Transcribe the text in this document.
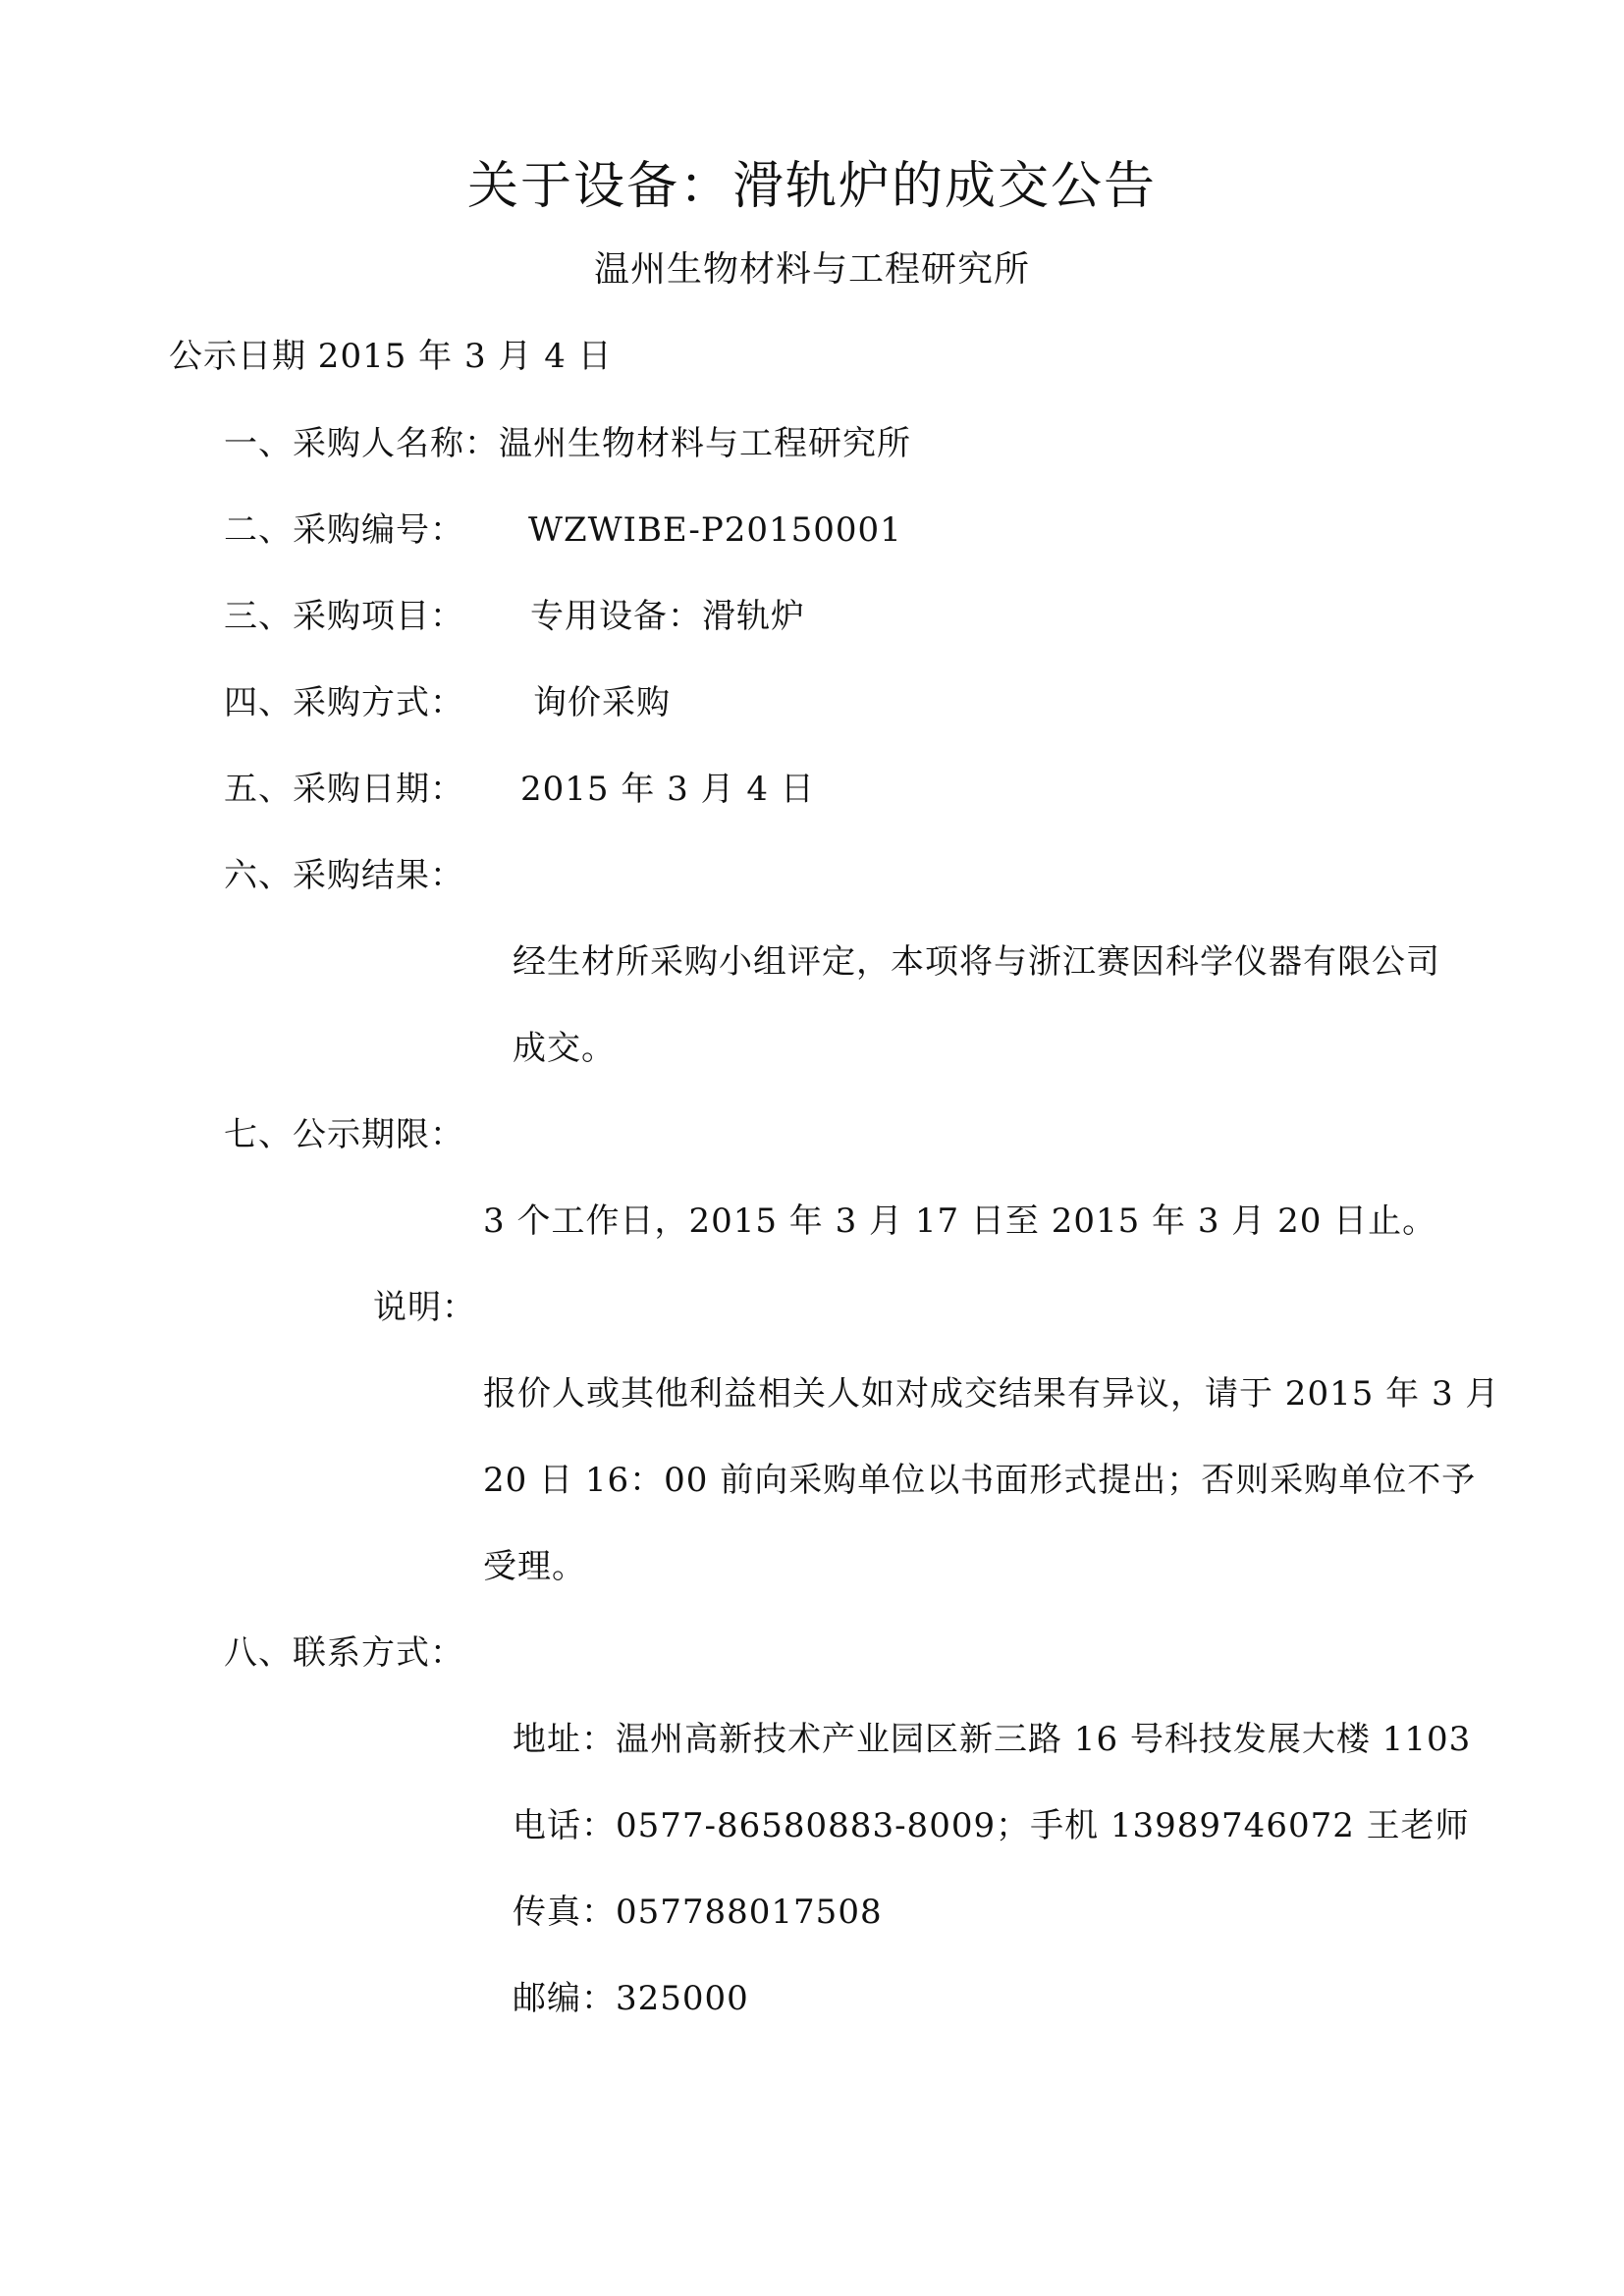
关于设备：滑轨炉的成交公告
温州生物材料与工程研究所
公示日期 2015 年 3 月 4 日
一、采购人名称：温州生物材料与工程研究所
二、采购编号： WZWIBE-P20150001
三、采购项目： 专用设备：滑轨炉
四、采购方式： 询价采购
五、采购日期： 2015 年 3 月 4 日
六、采购结果：
经生材所采购小组评定，本项将与浙江赛因科学仪器有限公司
成交。
七、公示期限：
3 个工作日，2015 年 3 月 17 日至 2015 年 3 月 20 日止。
说明：
报价人或其他利益相关人如对成交结果有异议，请于 2015 年 3 月
20 日 16：00 前向采购单位以书面形式提出；否则采购单位不予
受理。
八、联系方式：
地址：温州高新技术产业园区新三路 16 号科技发展大楼 1103
电话：0577-86580883-8009；手机 13989746072 王老师
传真：057788017508
邮编：325000
